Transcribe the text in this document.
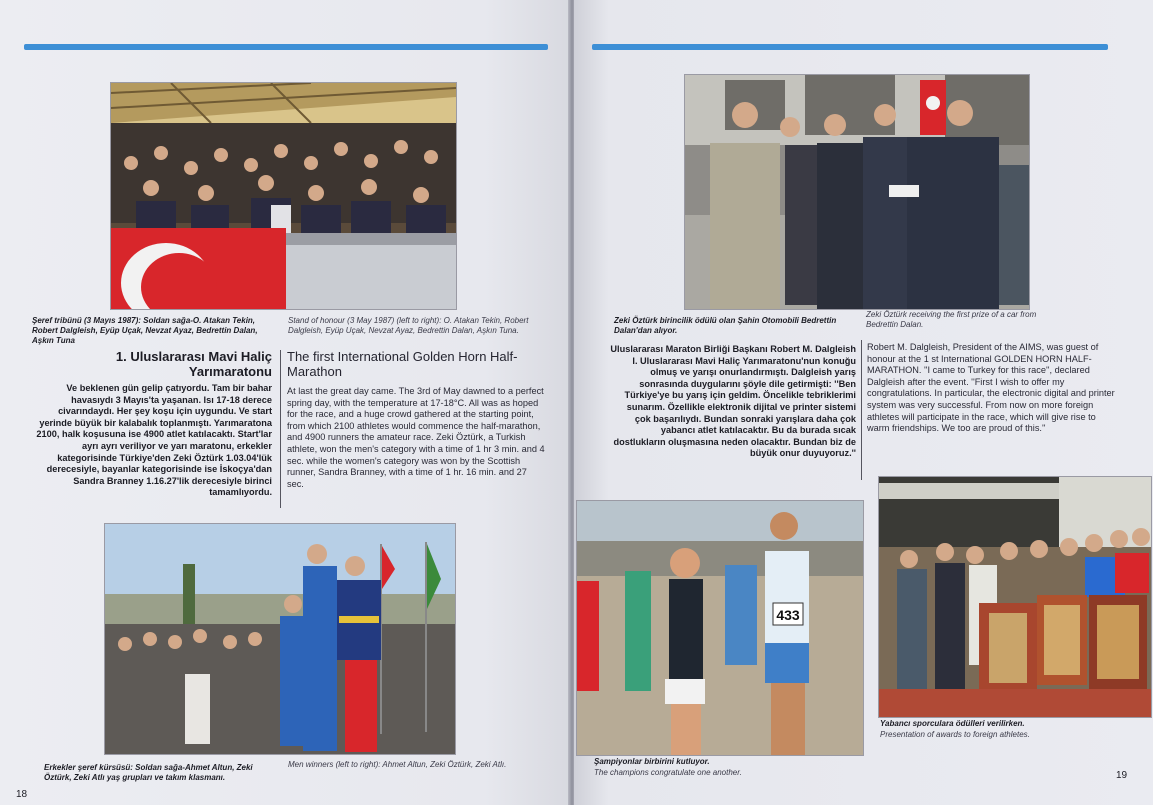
Şeref tribünü (3 Mayıs 1987): Soldan sağa-O. Atakan Tekin, Robert Dalgleish, Eyüp Uçak, Nevzat Ayaz, Bedrettin Dalan, Aşkın Tuna
Stand of honour (3 May 1987) (left to right): O. Atakan Tekin, Robert Dalgleish, Eyüp Uçak, Nevzat Ayaz, Bedrettin Dalan, Aşkın Tuna.
1. Uluslararası Mavi Haliç Yarımaratonu
The first International Golden Horn Half-Marathon
Ve beklenen gün gelip çatıyordu. Tam bir bahar havasıydı 3 Mayıs'ta yaşanan. Isı 17-18 derece civarındaydı. Her şey koşu için uygundu. Ve start yerinde büyük bir kalabalık toplanmıştı. Yarımaratona 2100, halk koşusuna ise 4900 atlet katılacaktı. Start'lar ayrı ayrı veriliyor ve yarı maratonu, erkekler kategorisinde Türkiye'den Zeki Öztürk 1.03.04'lük derecesiyle, bayanlar kategorisinde ise İskoçya'dan Sandra Branney 1.16.27'lik derecesiyle birinci tamamlıyordu.
At last the great day came. The 3rd of May dawned to a perfect spring day, with the temperature at 17-18°C. All was as hoped for the race, and a huge crowd gathered at the starting point, from which 2100 athletes would commence the half-marathon, and 4900 runners the amateur race. Zeki Öztürk, a Turkish athlete, won the men's category with a time of 1 hr 3 min. and 4 sec. while the women's category was won by the Scottish runner, Sandra Branney, with a time of 1 hr. 16 min. and 27 sec.
Erkekler şeref kürsüsü: Soldan sağa-Ahmet Altun, Zeki Öztürk, Zeki Atlı yaş grupları ve takım klasmanı.
Men winners (left to right): Ahmet Altun, Zeki Öztürk, Zeki Atlı.
18
Zeki Öztürk birincilik ödülü olan Şahin Otomobili Bedrettin Dalan'dan alıyor.
Zeki Öztürk receiving the first prize of a car from Bedrettin Dalan.
Uluslararası Maraton Birliği Başkanı Robert M. Dalgleish I. Uluslararası Mavi Haliç Yarımaratonu'nun konuğu olmuş ve yarışı onurlandırmıştı. Dalgleish yarış sonrasında duygularını şöyle dile getirmişti: ''Ben Türkiye'ye bu yarış için geldim. Öncelikle tebriklerimi sunarım. Özellikle elektronik dijital ve printer sistemi çok başarılıydı. Bundan sonraki yarışlara daha çok yabancı atlet katılacaktır. Bu da burada sıcak dostlukların oluşmasına neden olacaktır. Bundan biz de büyük onur duyuyoruz.''
Robert M. Dalgleish, President of the AIMS, was guest of honour at the 1 st International GOLDEN HORN HALF-MARATHON. ''I came to Turkey for this race'', declared Dalgleish after the event. ''First I wish to offer my congratulations. In particular, the electronic digital and printer system was very successful. From now on more foreign athletes will participate in the race, which will give rise to warm friendships. We too are proud of this.''
433
Şampiyonlar birbirini kutluyor.
The champions congratulate one another.
Yabancı sporculara ödülleri verilirken.
Presentation of awards to foreign athletes.
19
